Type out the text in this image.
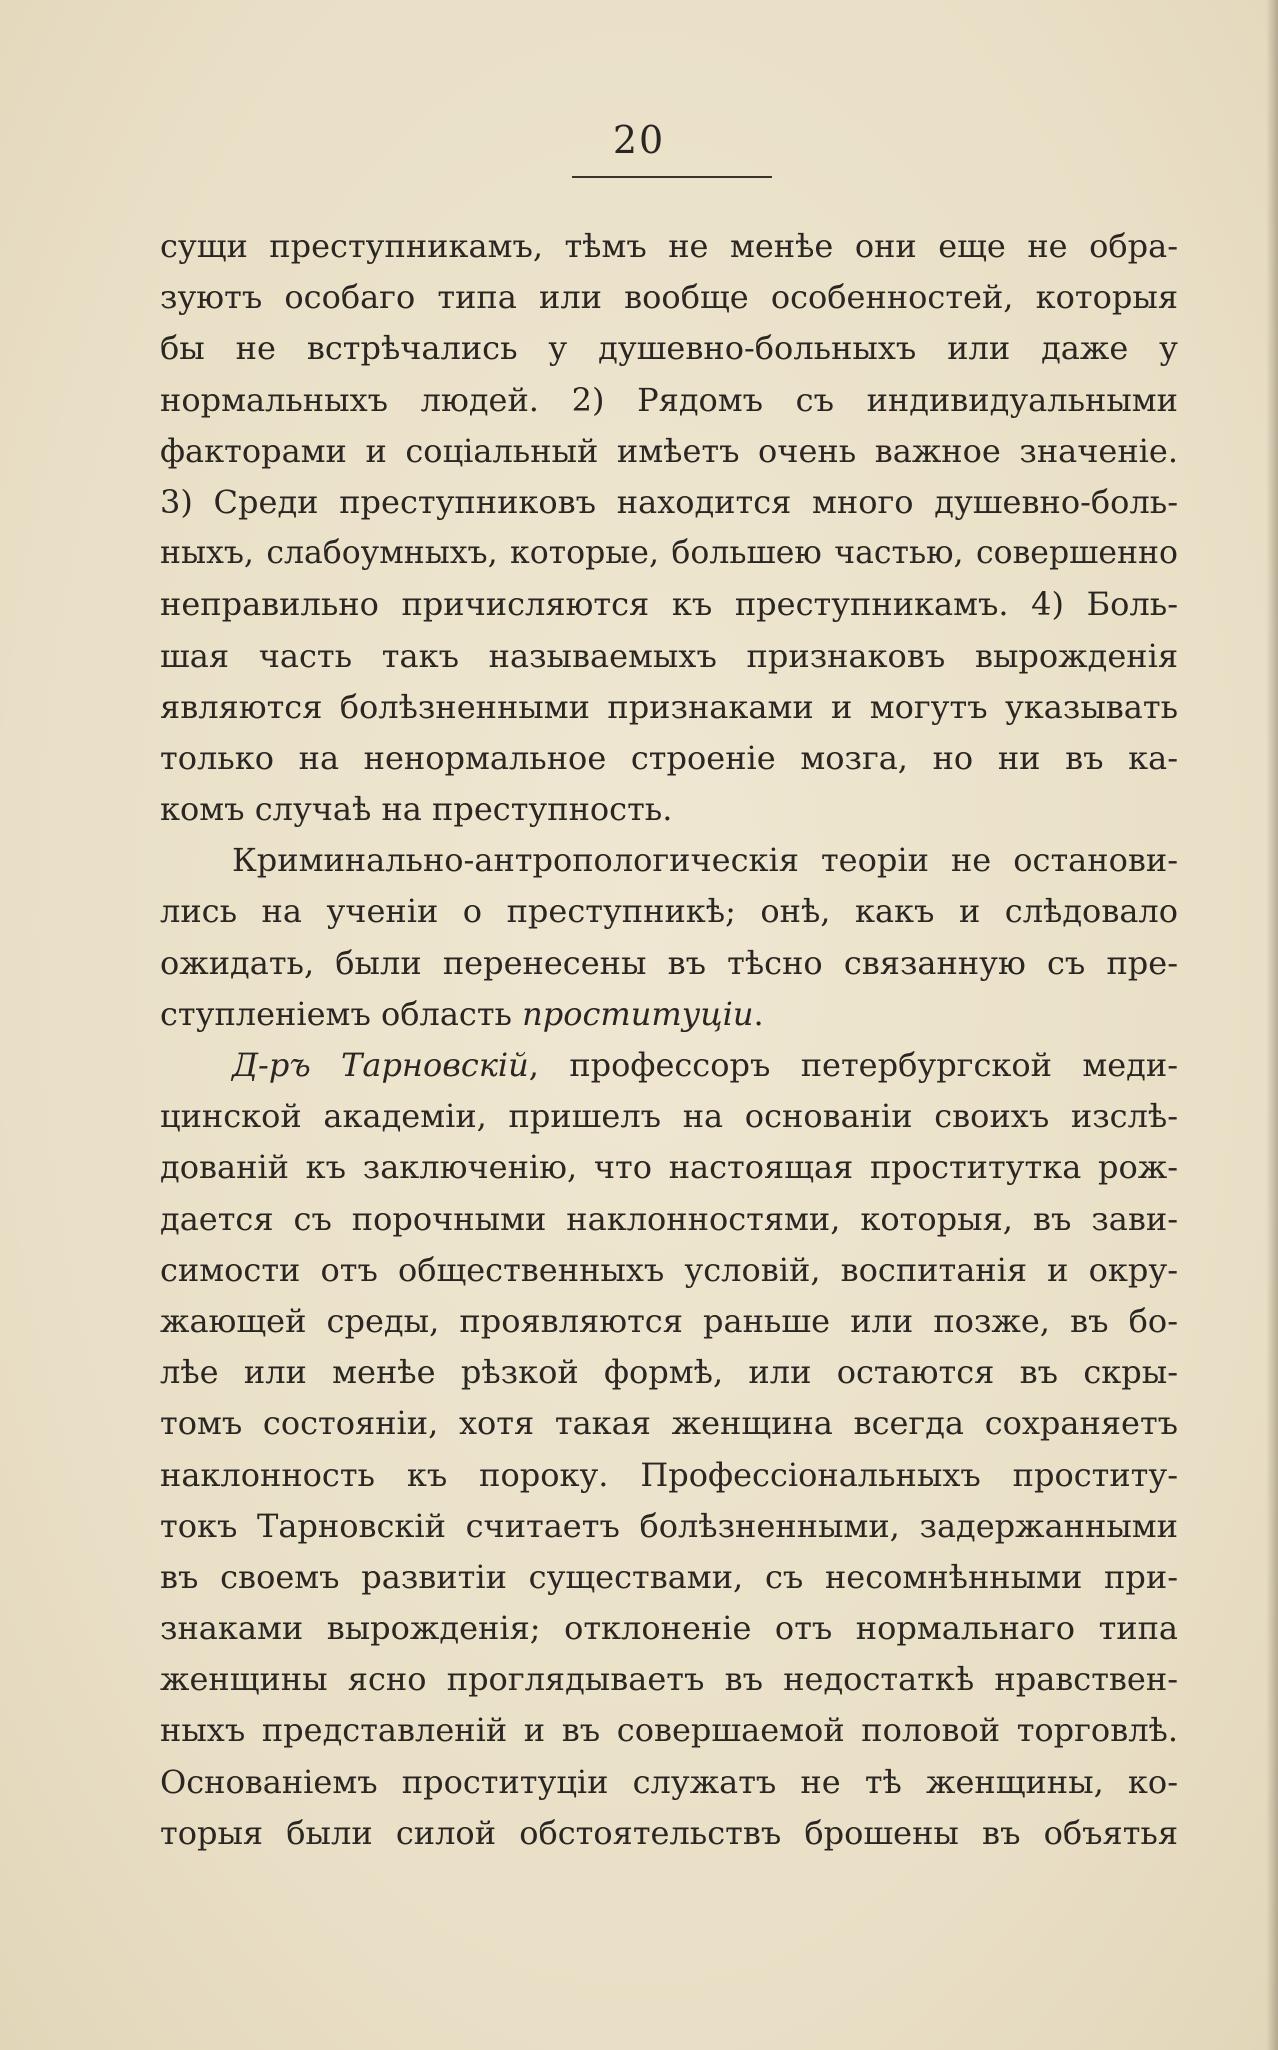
20
сущи преступникамъ, тѣмъ не менѣе они еще не обра-
зуютъ особаго типа или вообще особенностей, которыя
бы не встрѣчались у душевно-больныхъ или даже у
нормальныхъ людей. 2) Рядомъ съ индивидуальными
факторами и соціальный имѣетъ очень важное значеніе.
3) Среди преступниковъ находится много душевно-боль-
ныхъ, слабоумныхъ, которые, большею частью, совершенно
неправильно причисляются къ преступникамъ. 4) Боль-
шая часть такъ называемыхъ признаковъ вырожденія
являются болѣзненными признаками и могутъ указывать
только на ненормальное строеніе мозга, но ни въ ка-
комъ случаѣ на преступность.
Криминально-антропологическія теоріи не останови-
лись на ученіи о преступникѣ; онѣ, какъ и слѣдовало
ожидать, были перенесены въ тѣсно связанную съ пре-
ступленіемъ область проституціи.
Д-ръ Тарновскій, профессоръ петербургской меди-
цинской академіи, пришелъ на основаніи своихъ изслѣ-
дованій къ заключенію, что настоящая проститутка рож-
дается съ порочными наклонностями, которыя, въ зави-
симости отъ общественныхъ условій, воспитанія и окру-
жающей среды, проявляются раньше или позже, въ бо-
лѣе или менѣе рѣзкой формѣ, или остаются въ скры-
томъ состояніи, хотя такая женщина всегда сохраняетъ
наклонность къ пороку. Профессіональныхъ проститу-
токъ Тарновскій считаетъ болѣзненными, задержанными
въ своемъ развитіи существами, съ несомнѣнными при-
знаками вырожденія; отклоненіе отъ нормальнаго типа
женщины ясно проглядываетъ въ недостаткѣ нравствен-
ныхъ представленій и въ совершаемой половой торговлѣ.
Основаніемъ проституціи служатъ не тѣ женщины, ко-
торыя были силой обстоятельствъ брошены въ объятья
